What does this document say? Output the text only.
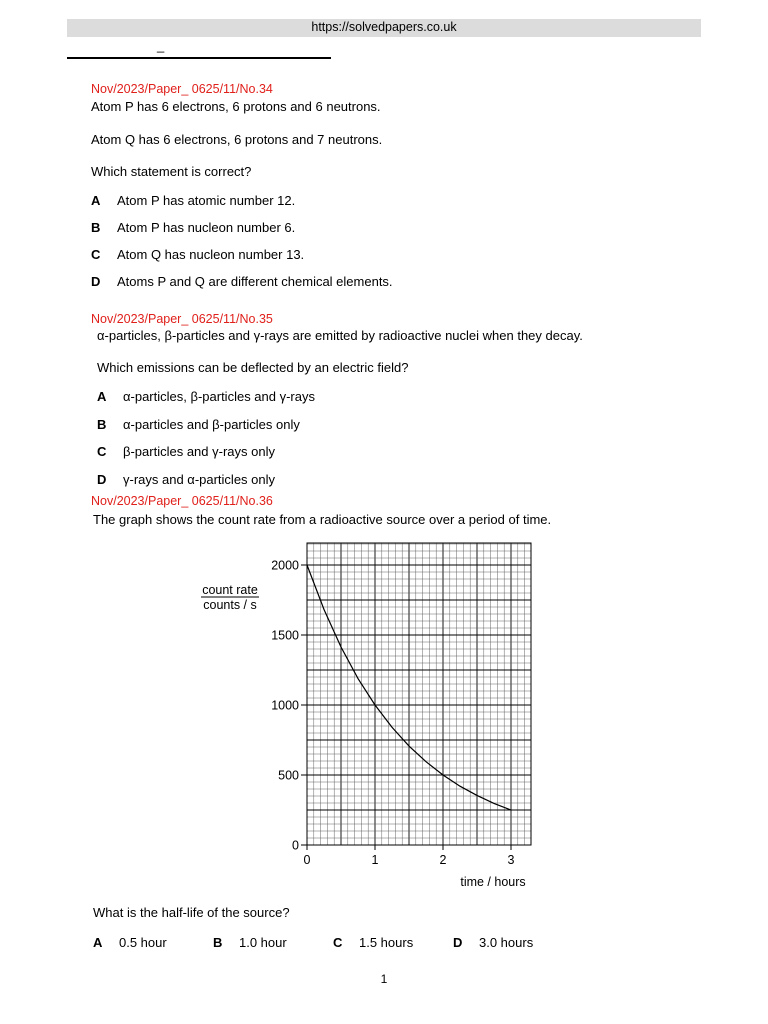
https://solvedpapers.co.uk
_
Nov/2023/Paper_ 0625/11/No.34
Atom P has 6 electrons, 6 protons and 6 neutrons.
Atom Q has 6 electrons, 6 protons and 7 neutrons.
Which statement is correct?
A Atom P has atomic number 12.
B Atom P has nucleon number 6.
C Atom Q has nucleon number 13.
D Atoms P and Q are different chemical elements.
Nov/2023/Paper_ 0625/11/No.35
α-particles, β-particles and γ-rays are emitted by radioactive nuclei when they decay.
Which emissions can be deflected by an electric field?
A α-particles, β-particles and γ-rays
B α-particles and β-particles only
C β-particles and γ-rays only
D γ-rays and α-particles only
Nov/2023/Paper_ 0625/11/No.36
The graph shows the count rate from a radioactive source over a period of time.
0
500
1000
1500
2000
0	1	2	3
count rate
counts / s
time / hours
What is the half-life of the source?
A 0.5 hour	B 1.0 hour	C 1.5 hours	D 3.0 hours
1
